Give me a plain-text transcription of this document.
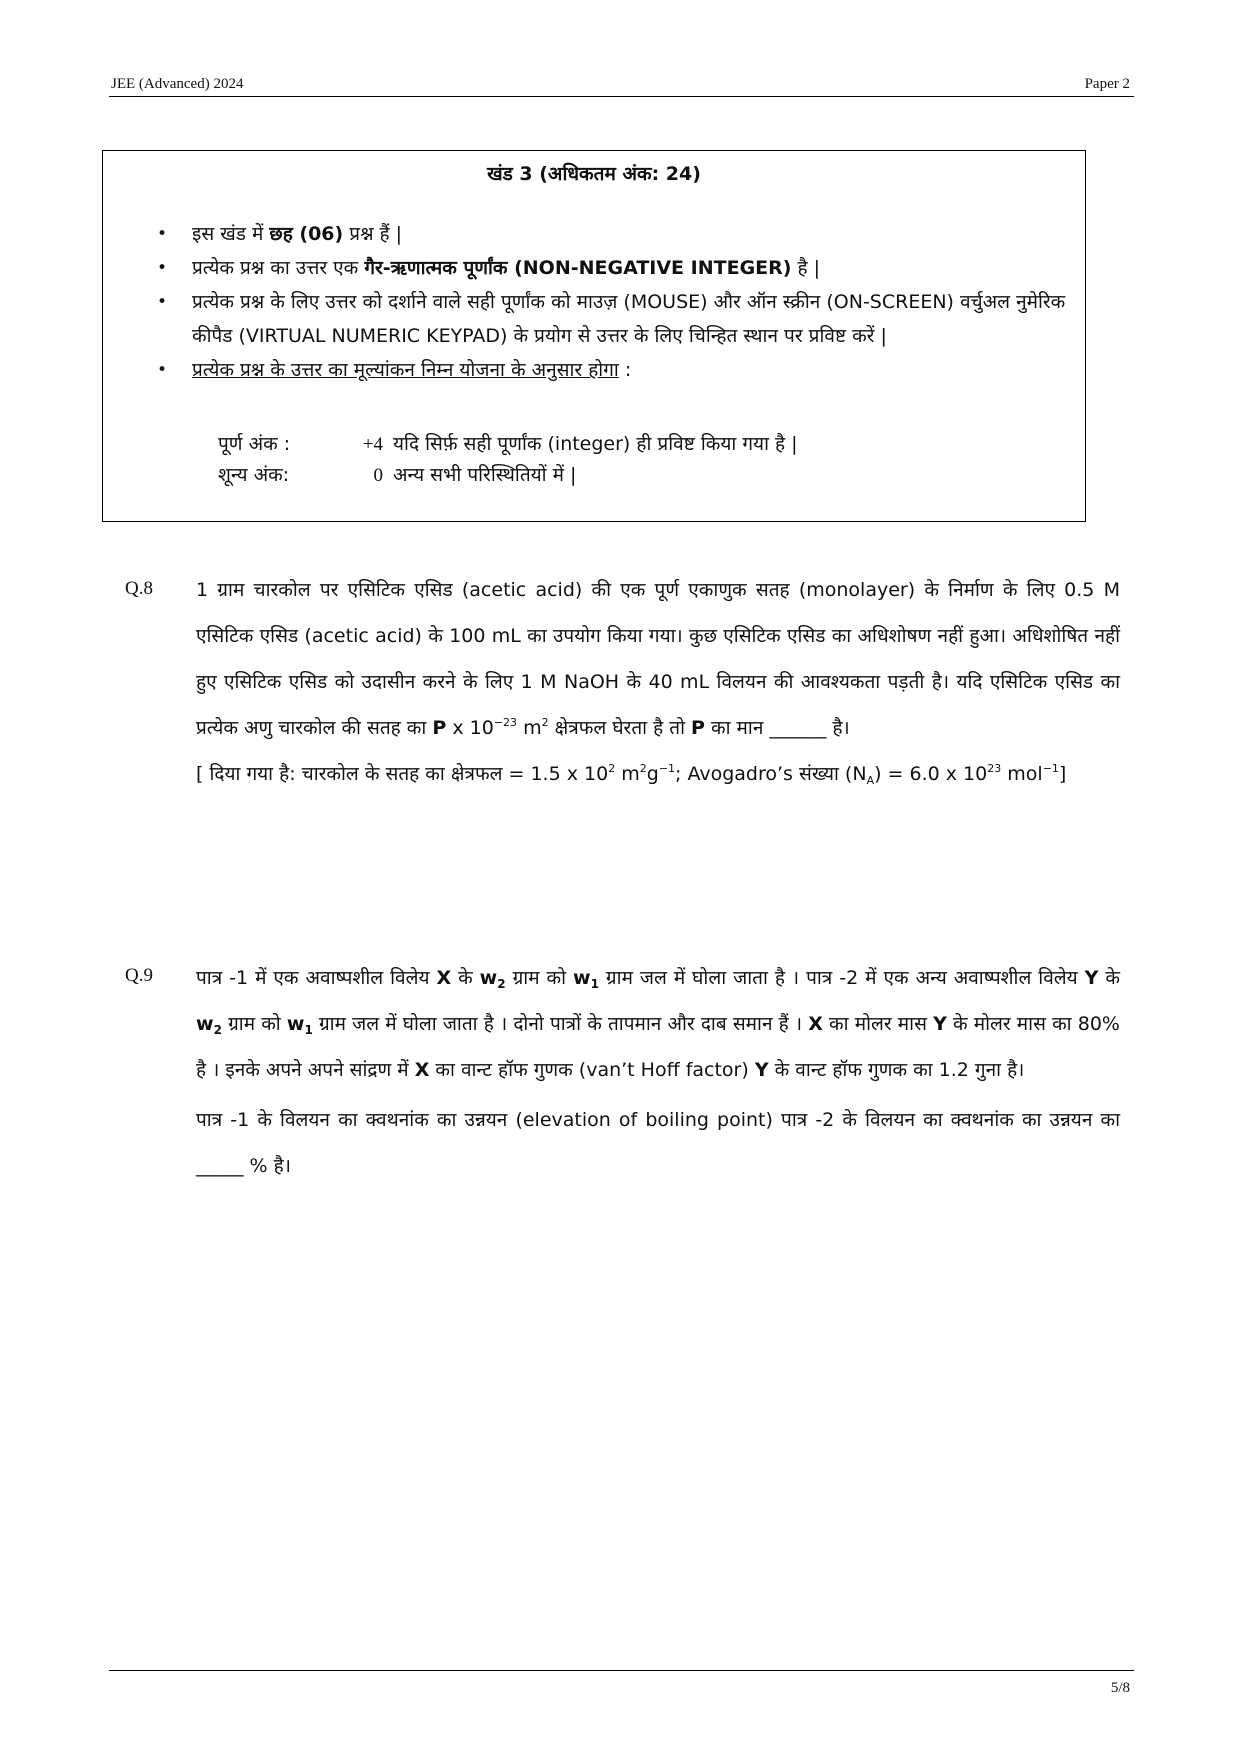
JEE (Advanced) 2024	Paper 2
खंड 3 (अधिकतम अंक: 24)
• इस खंड में छह (06) प्रश्न हैं |
• प्रत्येक प्रश्न का उत्तर एक गैर-ऋणात्मक पूर्णांक (NON-NEGATIVE INTEGER) है |
• प्रत्येक प्रश्न के लिए उत्तर को दर्शाने वाले सही पूर्णांक को माउज़ (MOUSE) और ऑन स्क्रीन (ON-SCREEN) वर्चुअल नुमेरिक कीपैड (VIRTUAL NUMERIC KEYPAD) के प्रयोग से उत्तर के लिए चिन्हित स्थान पर प्रविष्ट करें |
• प्रत्येक प्रश्न के उत्तर का मूल्यांकन निम्न योजना के अनुसार होगा :
पूर्ण अंक :	+4 यदि सिर्फ़ सही पूर्णांक (integer) ही प्रविष्ट किया गया है |
शून्य अंक:	0 अन्य सभी परिस्थितियों में |
Q.8 1 ग्राम चारकोल पर एसिटिक एसिड (acetic acid) की एक पूर्ण एकाणुक सतह (monolayer) के निर्माण के लिए 0.5 M एसिटिक एसिड (acetic acid) के 100 mL का उपयोग किया गया। कुछ एसिटिक एसिड का अधिशोषण नहीं हुआ। अधिशोषित नहीं हुए एसिटिक एसिड को उदासीन करने के लिए 1 M NaOH के 40 mL विलयन की आवश्यकता पड़ती है। यदि एसिटिक एसिड का प्रत्येक अणु चारकोल की सतह का P x $10^{-23}$ $m^2$ क्षेत्रफल घेरता है तो P का मान ______ है।

[ दिया गया है: चारकोल के सतह का क्षेत्रफल = 1.5 x $10^2$ $m^2g^{-1}$; Avogadro’s संख्या $(N_A) = 6.0$ x $10^{23}$ mol$^{-1}$]

Q.9 पात्र -1 में एक अवाष्पशील विलेय X के $w_2$ ग्राम को $w_1$ ग्राम जल में घोला जाता है । पात्र -2 में एक अन्य अवाष्पशील विलेय Y के $w_2$ ग्राम को $w_1$ ग्राम जल में घोला जाता है । दोनो पात्रों के तापमान और दाब समान हैं । X का मोलर मास Y के मोलर मास का 80% है । इनके अपने अपने सांद्रण में X का वान्ट हॉफ गुणक (van’t Hoff factor) Y के वान्ट हॉफ गुणक का 1.2 गुना है।

पात्र -1 के विलयन का क्वथनांक का उन्नयन (elevation of boiling point) पात्र -2 के विलयन का क्वथनांक का उन्नयन का _____ % है।

5/8
